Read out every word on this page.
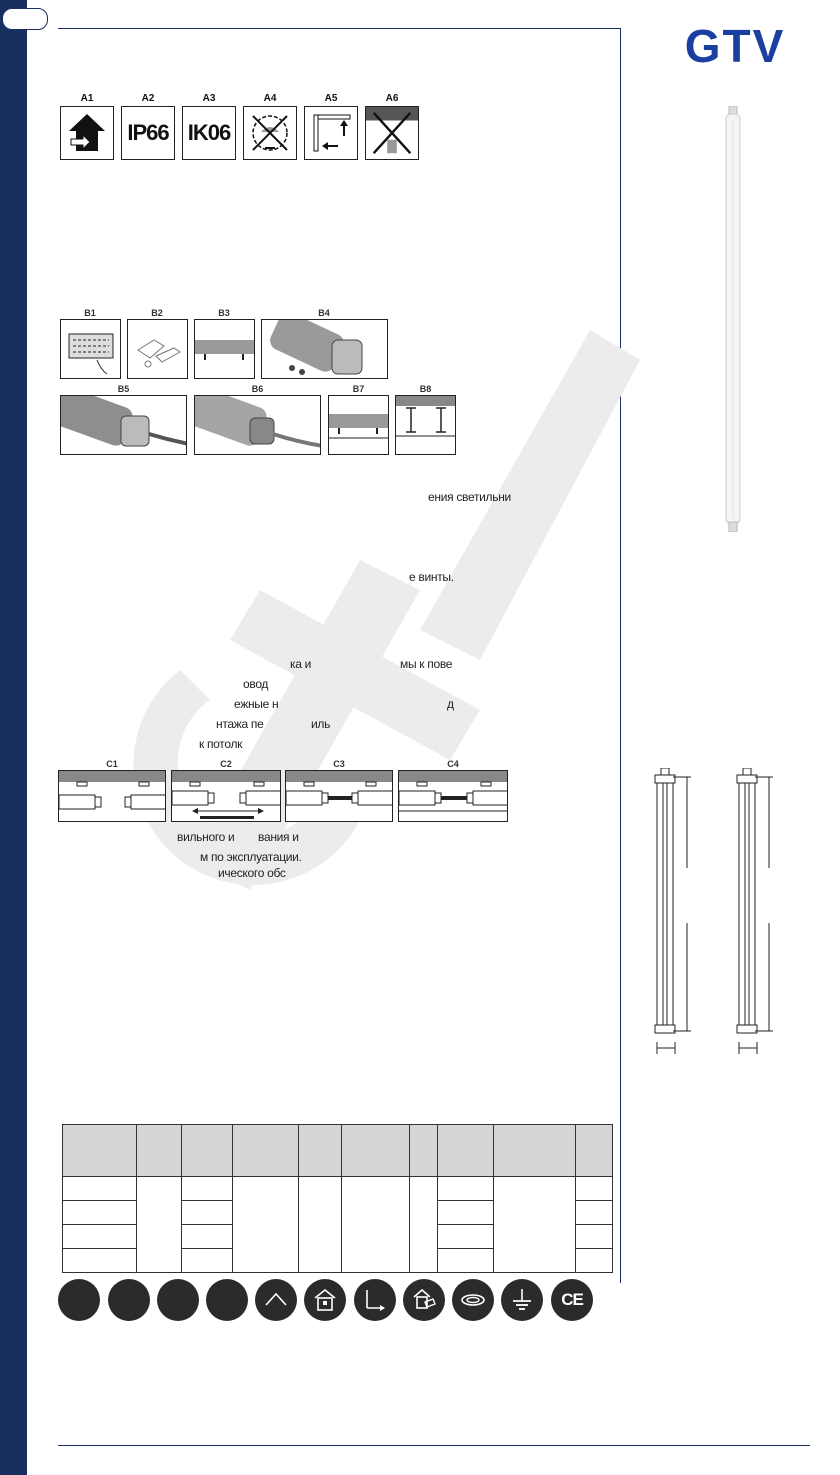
GTV
A1	A2	A3	A4	A5	A6
IP66 IK06
B1	B2	B3	B4
B5	B6	B7	B8
ения светильни
е винты.
ка и	мы к пове
овод
ежные н	д
нтажа пе	иль
к потолк
C1	C2	C3	C4
вильного и вания и
м по эксплуатации.
ического обс

CE
